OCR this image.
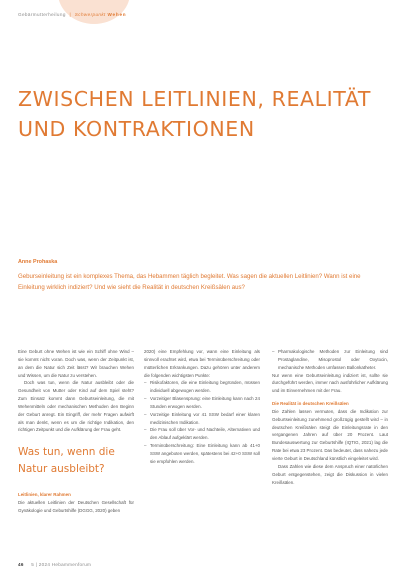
Gebärmutterheilung | Schwerpunkt Wehen
ZWISCHEN LEITLINIEN, REALITÄT UND KONTRAKTIONEN
Anne Prohaska

Geburseinleitung ist ein komplexes Thema, das Hebammen täglich begleitet. Was sagen die aktuellen Leitlinien? Wann ist eine Einleitung wirklich indiziert? Und wie sieht die Realität in deutschen Kreißsälen aus?

Eine Geburt ohne Wehen ist wie ein Schiff ohne Wind – sie kommt nicht voran. Doch was, wenn der Zeitpunkt ist, an dem die Natur sich Zeit lässt? Wir brauchen Wehen und Wissen, um die Natur zu verstehen.

Doch was tun, wenn die Natur ausbleibt oder die Gesundheit von Mutter oder Kind auf dem Spiel steht? Zum Einsatz kommt dann Geburtseinleitung, die mit Wehenmitteln oder mechanischen Methoden den Beginn der Geburt anregt. Ein Eingriff, der mehr Fragen aufwirft als man denkt, wenn es um die richtige Indikation, den richtigen Zeitpunkt und die Aufklärung der Frau geht.

Was tun, wenn die Natur ausbleibt?

Leitlinien, klarer Rahmen

Die aktuellen Leitlinien der Deutschen Gesellschaft für Gynäkologie und Geburtshilfe (DGGG, 2020) geben

2020) eine Empfehlung vor, wann eine Einleitung als sinnvoll erachtet wird, etwa bei Terminüberschreitung oder mütterlichen Erkrankungen. Dazu gehören unter anderem die folgenden wichtigsten Punkte:

– Risikofaktoren, die eine Einleitung begründen, müssen individuell abgewogen werden.

– Vorzeitiger Blasensprung: eine Einleitung kann nach 24 Stunden erwogen werden.

– Vorzeitige Einleitung vor 41 SSW bedarf einer klaren medizinischen Indikation.

– Die Frau soll über Vor- und Nachteile, Alternativen und den Ablauf aufgeklärt werden.

– Terminüberschreitung: Eine Einleitung kann ab 41+0 SSW angeboten werden, spätestens bei 42+0 SSW soll sie empfohlen werden.

– Pharmakologische Methoden zur Einleitung sind Prostaglandine, Misoprostol oder Oxytocin, mechanische Methoden umfassen Ballonkatheter.

Nur wenn eine Geburtseinleitung indiziert ist, sollte sie durchgeführt werden, immer nach ausführlicher Aufklärung und im Einvernehmen mit der Frau.

Die Realität in deutschen Kreißsälen

Die Zahlen lassen vermuten, dass die Indikation zur Geburtseinleitung zunehmend großzügig gestellt wird – in deutschen Kreißsälen steigt die Einleitungsrate in den vergangenen Jahren auf über 20 Prozent. Laut Bundesauswertung zur Geburtshilfe (IQTIG, 2021) lag die Rate bei etwa 23 Prozent. Das bedeutet, dass nahezu jede vierte Geburt in Deutschland künstlich eingeleitet wird.

Dass Zahlen wie diese dem Anspruch einer natürlichen Geburt entgegenstehen, zeigt die Diskussion in vielen Kreißsälen.

46 5 | 2024 Hebammenforum
